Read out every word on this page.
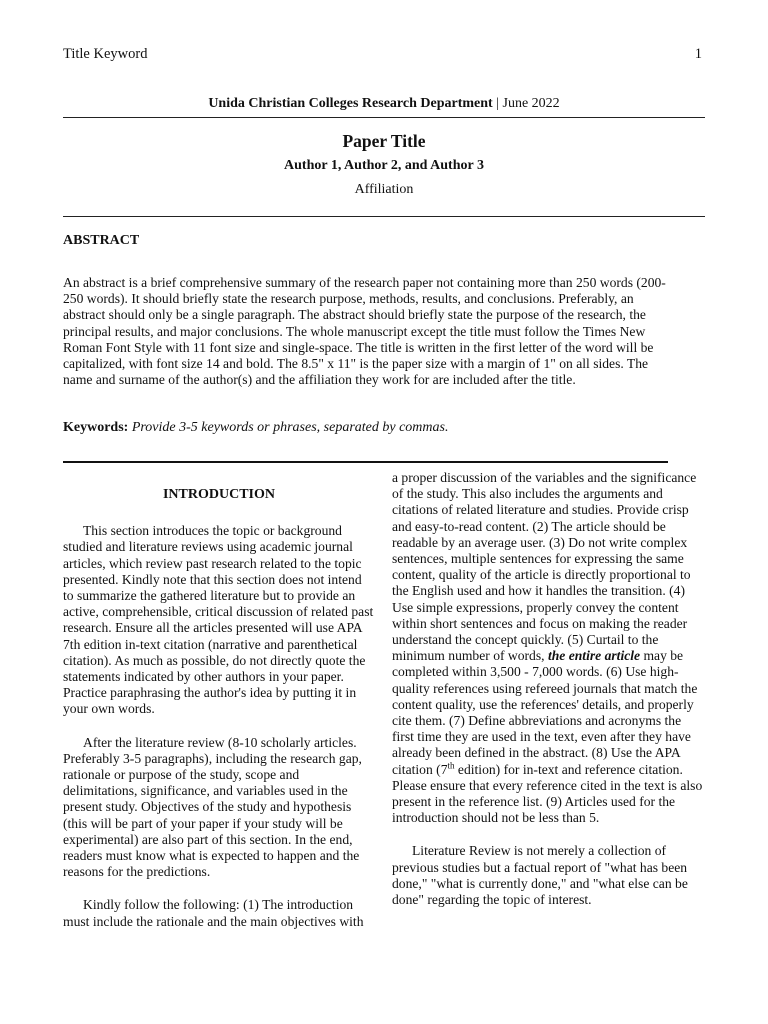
Title Keyword	1
Unida Christian Colleges Research Department | June 2022
Paper Title
Author 1, Author 2, and Author 3
Affiliation
ABSTRACT

An abstract is a brief comprehensive summary of the research paper not containing more than 250 words (200-250 words). It should briefly state the research purpose, methods, results, and conclusions. Preferably, an abstract should only be a single paragraph. The abstract should briefly state the purpose of the research, the principal results, and major conclusions. The whole manuscript except the title must follow the Times New Roman Font Style with 11 font size and single-space. The title is written in the first letter of the word will be capitalized, with font size 14 and bold. The 8.5" x 11" is the paper size with a margin of 1" on all sides. The name and surname of the author(s) and the affiliation they work for are included after the title.

Keywords: Provide 3-5 keywords or phrases, separated by commas.
INTRODUCTION

This section introduces the topic or background studied and literature reviews using academic journal articles, which review past research related to the topic presented. Kindly note that this section does not intend to summarize the gathered literature but to provide an active, comprehensible, critical discussion of related past research. Ensure all the articles presented will use APA 7th edition in-text citation (narrative and parenthetical citation). As much as possible, do not directly quote the statements indicated by other authors in your paper. Practice paraphrasing the author's idea by putting it in your own words.

After the literature review (8-10 scholarly articles. Preferably 3-5 paragraphs), including the research gap, rationale or purpose of the study, scope and delimitations, significance, and variables used in the present study. Objectives of the study and hypothesis (this will be part of your paper if your study will be experimental) are also part of this section. In the end, readers must know what is expected to happen and the reasons for the predictions.

Kindly follow the following: (1) The introduction must include the rationale and the main objectives with

a proper discussion of the variables and the significance of the study. This also includes the arguments and citations of related literature and studies. Provide crisp and easy-to-read content. (2) The article should be readable by an average user. (3) Do not write complex sentences, multiple sentences for expressing the same content, quality of the article is directly proportional to the English used and how it handles the transition. (4) Use simple expressions, properly convey the content within short sentences and focus on making the reader understand the concept quickly. (5) Curtail to the minimum number of words, the entire article may be completed within 3,500 - 7,000 words. (6) Use high-quality references using refereed journals that match the content quality, use the references' details, and properly cite them. (7) Define abbreviations and acronyms the first time they are used in the text, even after they have already been defined in the abstract. (8) Use the APA citation (7th edition) for in-text and reference citation. Please ensure that every reference cited in the text is also present in the reference list. (9) Articles used for the introduction should not be less than 5.

Literature Review is not merely a collection of previous studies but a factual report of "what has been done," "what is currently done," and "what else can be done" regarding the topic of interest.
